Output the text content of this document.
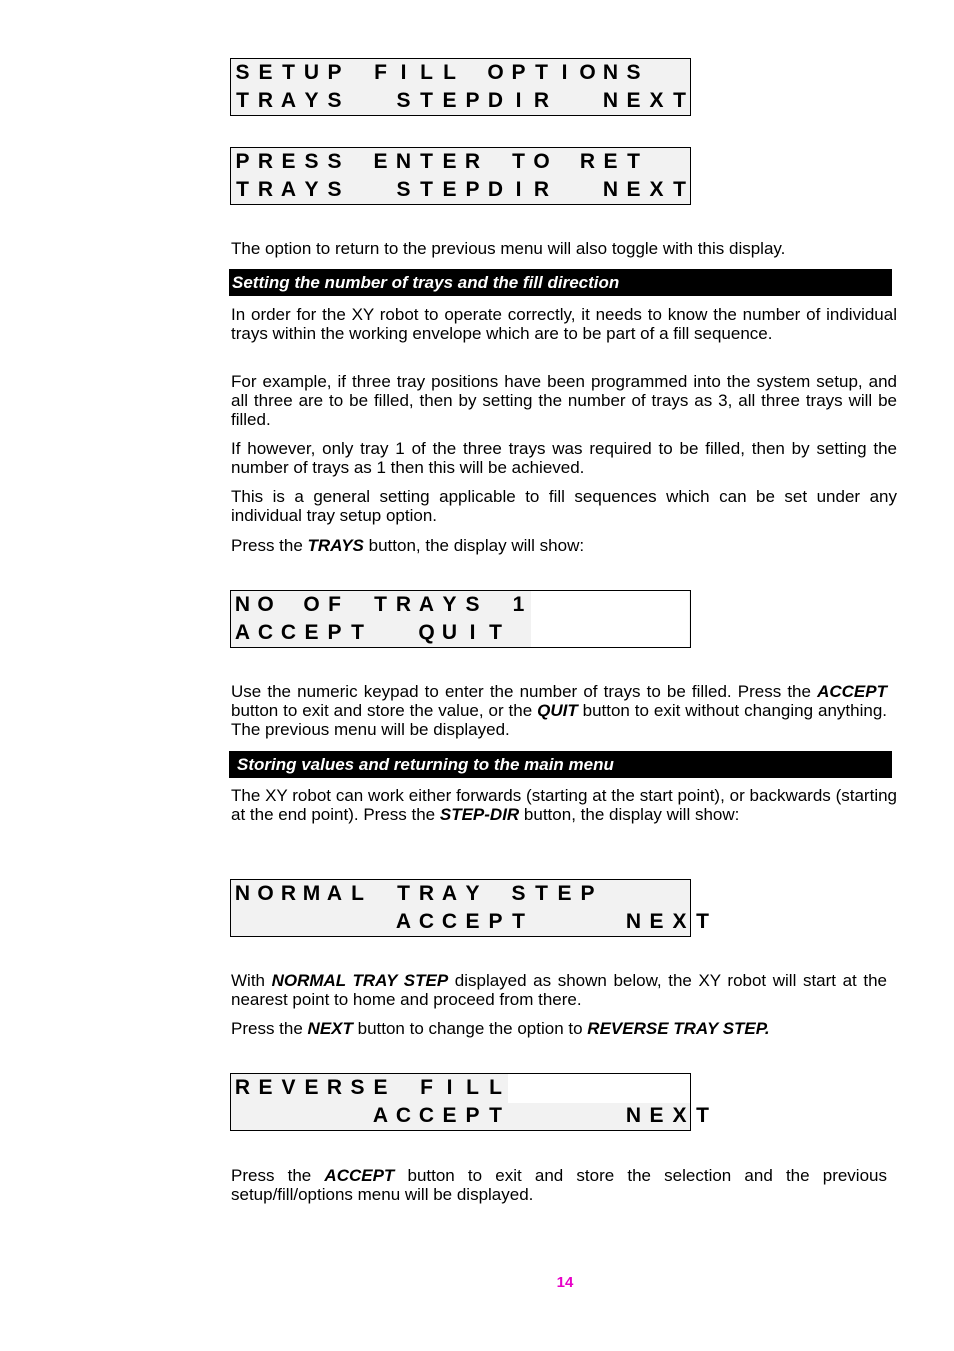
S E T U P F I L L O P T I O N S
T R A Y S	S T E P D I R	N E X T
P R E S S E N T E R T O R E T
T R A Y S	S T E P D I R	N E X T
The option to return to the previous menu will also toggle with this display.
Setting the number of trays and the fill direction
In order for the XY robot to operate correctly, it needs to know the number of individual trays within the working envelope which are to be part of a fill sequence.
For example, if three tray positions have been programmed into the system setup, and all three are to be filled, then by setting the number of trays as 3, all three trays will be filled.
If however, only tray 1 of the three trays was required to be filled, then by setting the number of trays as 1 then this will be achieved.
This is a general setting applicable to fill sequences which can be set under any individual tray setup option.
Press the TRAYS button, the display will show:
N O O F T R A Y S 1
A C C E P T	Q U I T
Use the numeric keypad to enter the number of trays to be filled. Press the ACCEPT button to exit and store the value, or the QUIT button to exit without changing anything. The previous menu will be displayed.
Storing values and returning to the main menu
The XY robot can work either forwards (starting at the start point), or backwards (starting at the end point). Press the STEP-DIR button, the display will show:
N O R M A L T R A Y S T E P
A C C E P T	N E X T
With NORMAL TRAY STEP displayed as shown below, the XY robot will start at the nearest point to home and proceed from there.
Press the NEXT button to change the option to REVERSE TRAY STEP.
R E V E R S E F I L L
A C C E P T	N E X T
Press the ACCEPT button to exit and store the selection and the previous setup/fill/options menu will be displayed.
14
